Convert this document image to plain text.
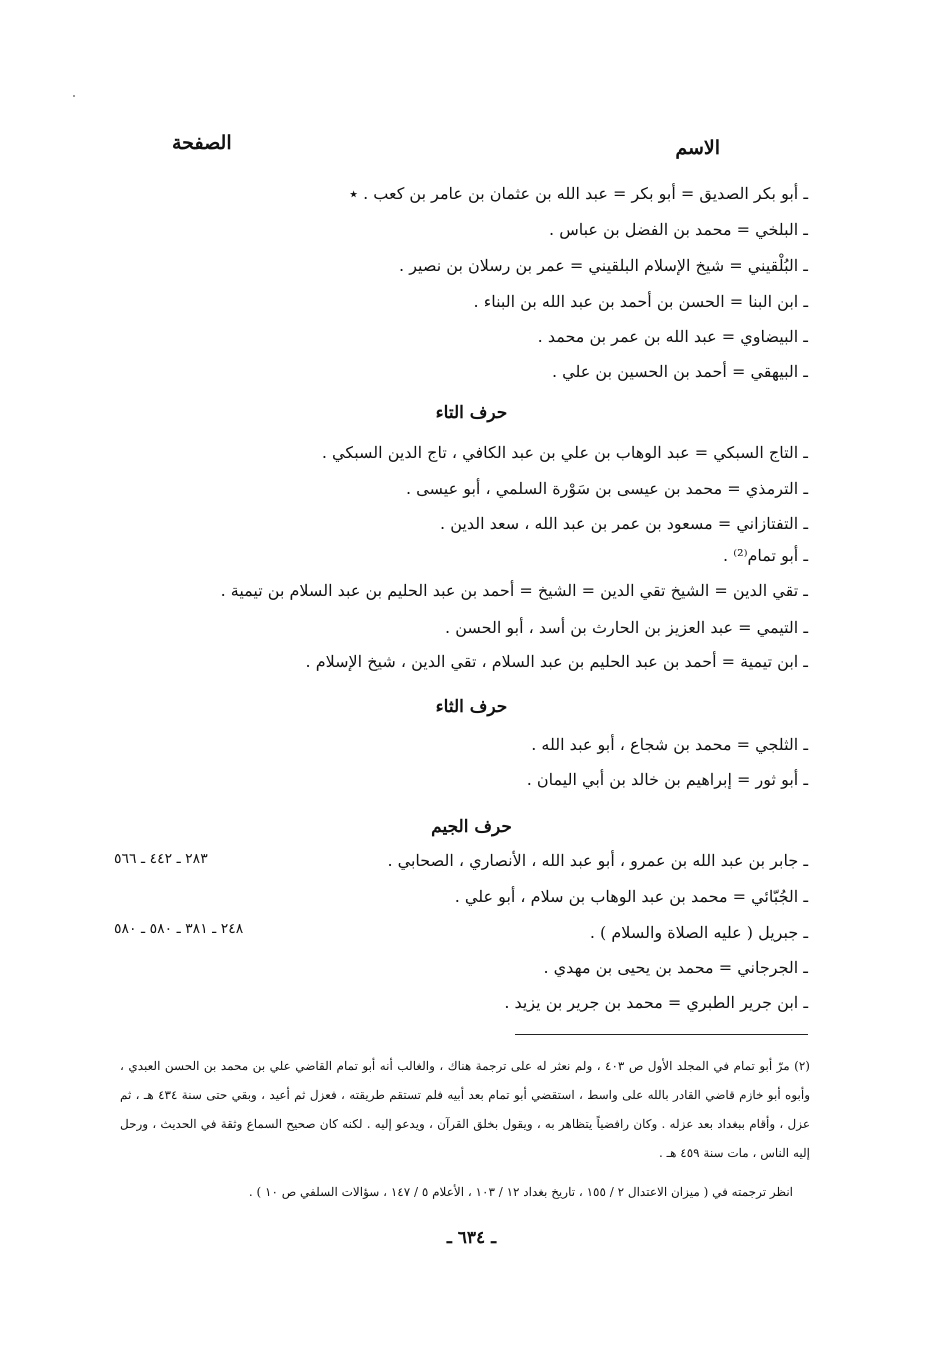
الاسم
الصفحة
ـ أبو بكر الصديق = أبو بكر = عبد الله بن عثمان بن عامر بن كعب . ٭
ـ البلخي = محمد بن الفضل بن عباس .
ـ البُلْقيني = شيخ الإسلام البلقيني = عمر بن رسلان بن نصير .
ـ ابن البنا = الحسن بن أحمد بن عبد الله بن البناء .
ـ البيضاوي = عبد الله بن عمر بن محمد .
ـ البيهقي = أحمد بن الحسين بن علي .
حرف التاء
ـ التاج السبكي = عبد الوهاب بن علي بن عبد الكافي ، تاج الدين السبكي .
ـ الترمذي = محمد بن عيسى بن سَوْرة السلمي ، أبو عيسى .
ـ التفتازاني = مسعود بن عمر بن عبد الله ، سعد الدين .
ـ أبو تمام⁽²⁾ .
ـ تقي الدين = الشيخ تقي الدين = الشيخ = أحمد بن عبد الحليم بن عبد السلام بن تيمية .
ـ التيمي = عبد العزيز بن الحارث بن أسد ، أبو الحسن .
ـ ابن تيمية = أحمد بن عبد الحليم بن عبد السلام ، تقي الدين ، شيخ الإسلام .
حرف الثاء
ـ الثلجي = محمد بن شجاع ، أبو عبد الله .
ـ أبو ثور = إبراهيم بن خالد بن أبي اليمان .
حرف الجيم
ـ جابر بن عبد الله بن عمرو ، أبو عبد الله ، الأنصاري ، الصحابي .
ـ الجُبّائي = محمد بن عبد الوهاب بن سلام ، أبو علي .
ـ جبريل ( عليه الصلاة والسلام ) .
ـ الجرجاني = محمد بن يحيى بن مهدي .
ـ ابن جرير الطبري = محمد بن جرير بن يزيد .
٢٨٣ ـ ٤٤٢ ـ ٥٦٦
٢٤٨ ـ ٣٨١ ـ ٥٨٠ ـ ٥٨٠
(٢) مرّ أبو تمام في المجلد الأول ص ٤٠٣ ، ولم نعثر له على ترجمة هناك ، والغالب أنه أبو تمام القاضي علي بن محمد بن الحسن العبدي ، وأبوه أبو خازم قاضي القادر بالله على واسط ، استقضي أبو تمام بعد أبيه فلم تستقم طريقته ، فعزل ثم أعيد ، وبقي حتى سنة ٤٣٤ هـ ، ثم عزل ، وأقام ببغداد بعد عزله . وكان رافضياً يتظاهر به ، ويقول بخلق القرآن ، ويدعو إليه . لكنه كان صحيح السماع وثقة في الحديث ، ورحل إليه الناس ، مات سنة ٤٥٩ هـ .
انظر ترجمته في ( ميزان الاعتدال ٢ / ١٥٥ ، تاريخ بغداد ١٢ / ١٠٣ ، الأعلام ٥ / ١٤٧ ، سؤالات السلفي ص ١٠ ) .
ـ ٦٣٤ ـ
